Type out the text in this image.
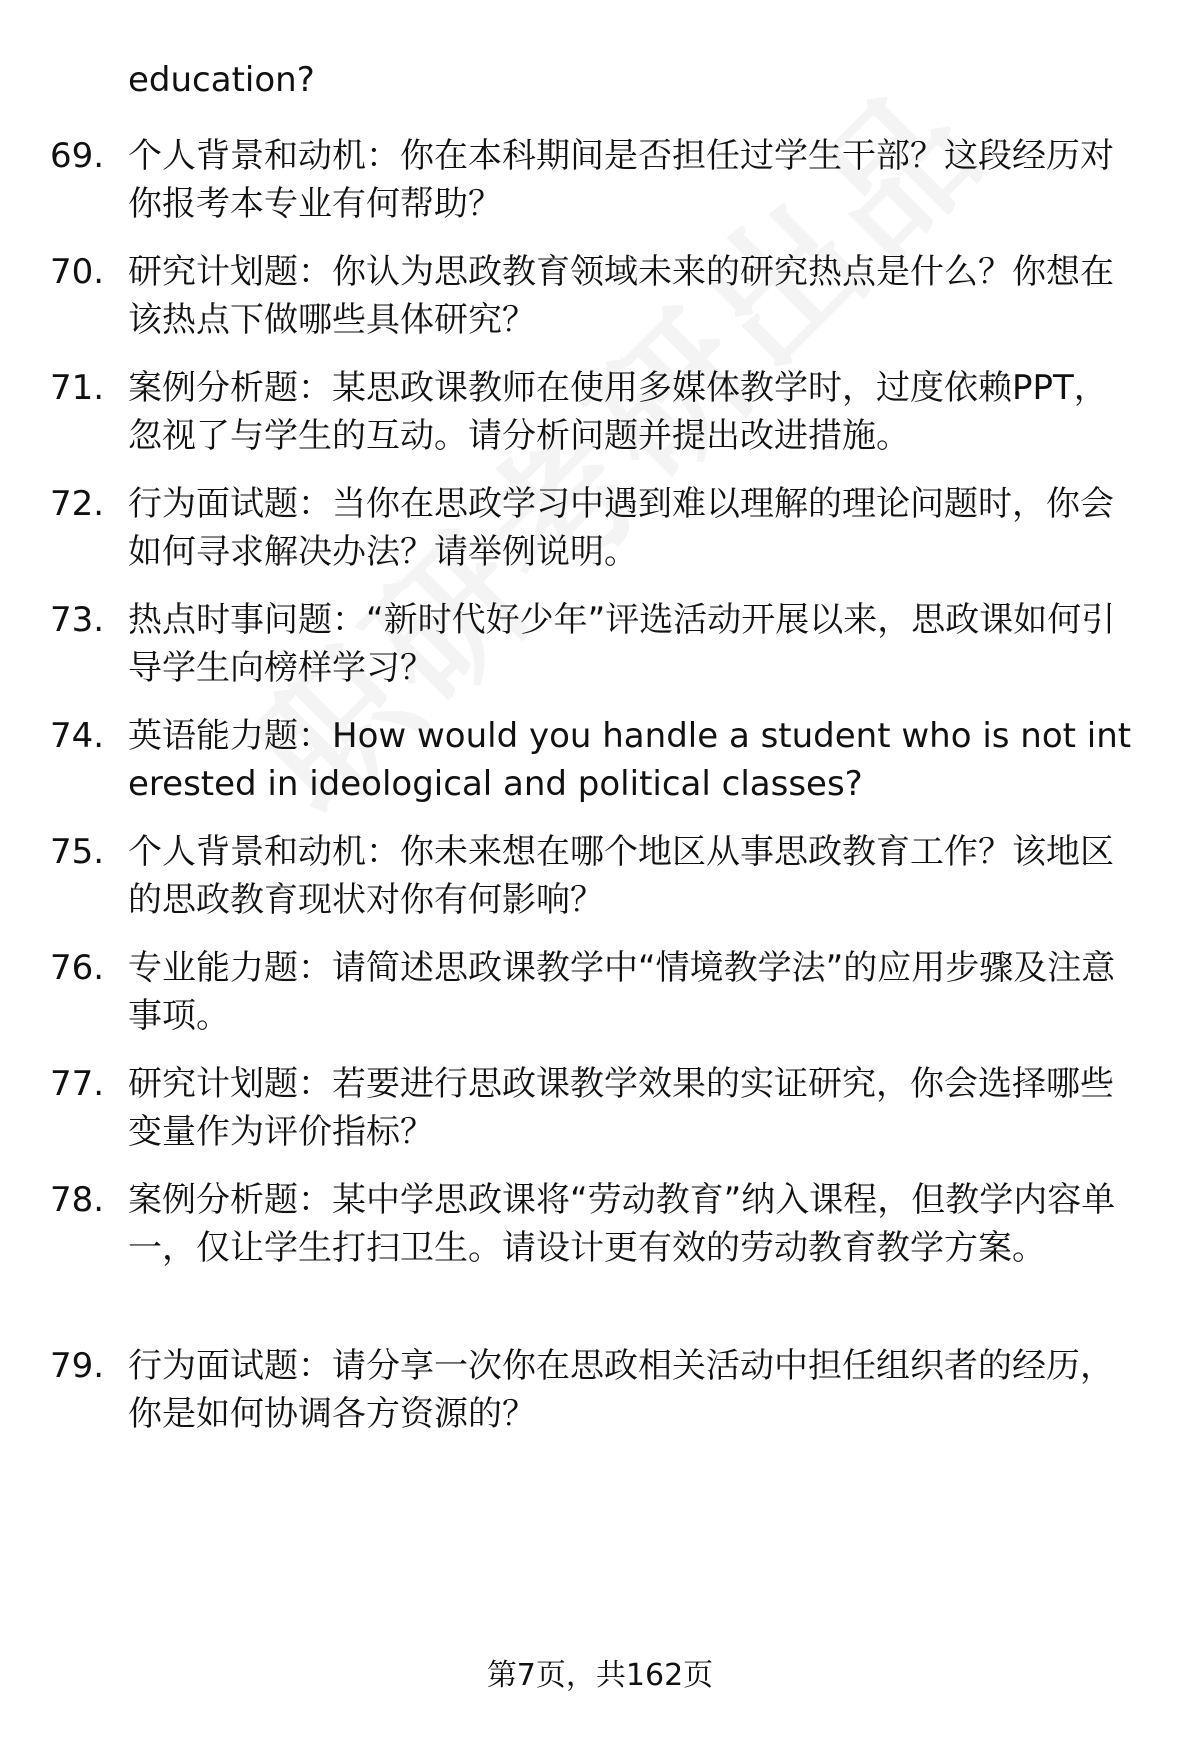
education?
69. 个人背景和动机：你在本科期间是否担任过学生干部？这段经历对你报考本专业有何帮助？
70. 研究计划题：你认为思政教育领域未来的研究热点是什么？你想在该热点下做哪些具体研究？
71. 案例分析题：某思政课教师在使用多媒体教学时，过度依赖PPT，忽视了与学生的互动。请分析问题并提出改进措施。
72. 行为面试题：当你在思政学习中遇到难以理解的理论问题时，你会如何寻求解决办法？请举例说明。
73. 热点时事问题：“新时代好少年”评选活动开展以来，思政课如何引导学生向榜样学习？
74. 英语能力题：How would you handle a student who is not interested in ideological and political classes?
75. 个人背景和动机：你未来想在哪个地区从事思政教育工作？该地区的思政教育现状对你有何影响？
76. 专业能力题：请简述思政课教学中“情境教学法”的应用步骤及注意事项。
77. 研究计划题：若要进行思政课教学效果的实证研究，你会选择哪些变量作为评价指标？
78. 案例分析题：某中学思政课将“劳动教育”纳入课程，但教学内容单一，仅让学生打扫卫生。请设计更有效的劳动教育教学方案。
79. 行为面试题：请分享一次你在思政相关活动中担任组织者的经历，你是如何协调各方资源的？
第7页，共162页
